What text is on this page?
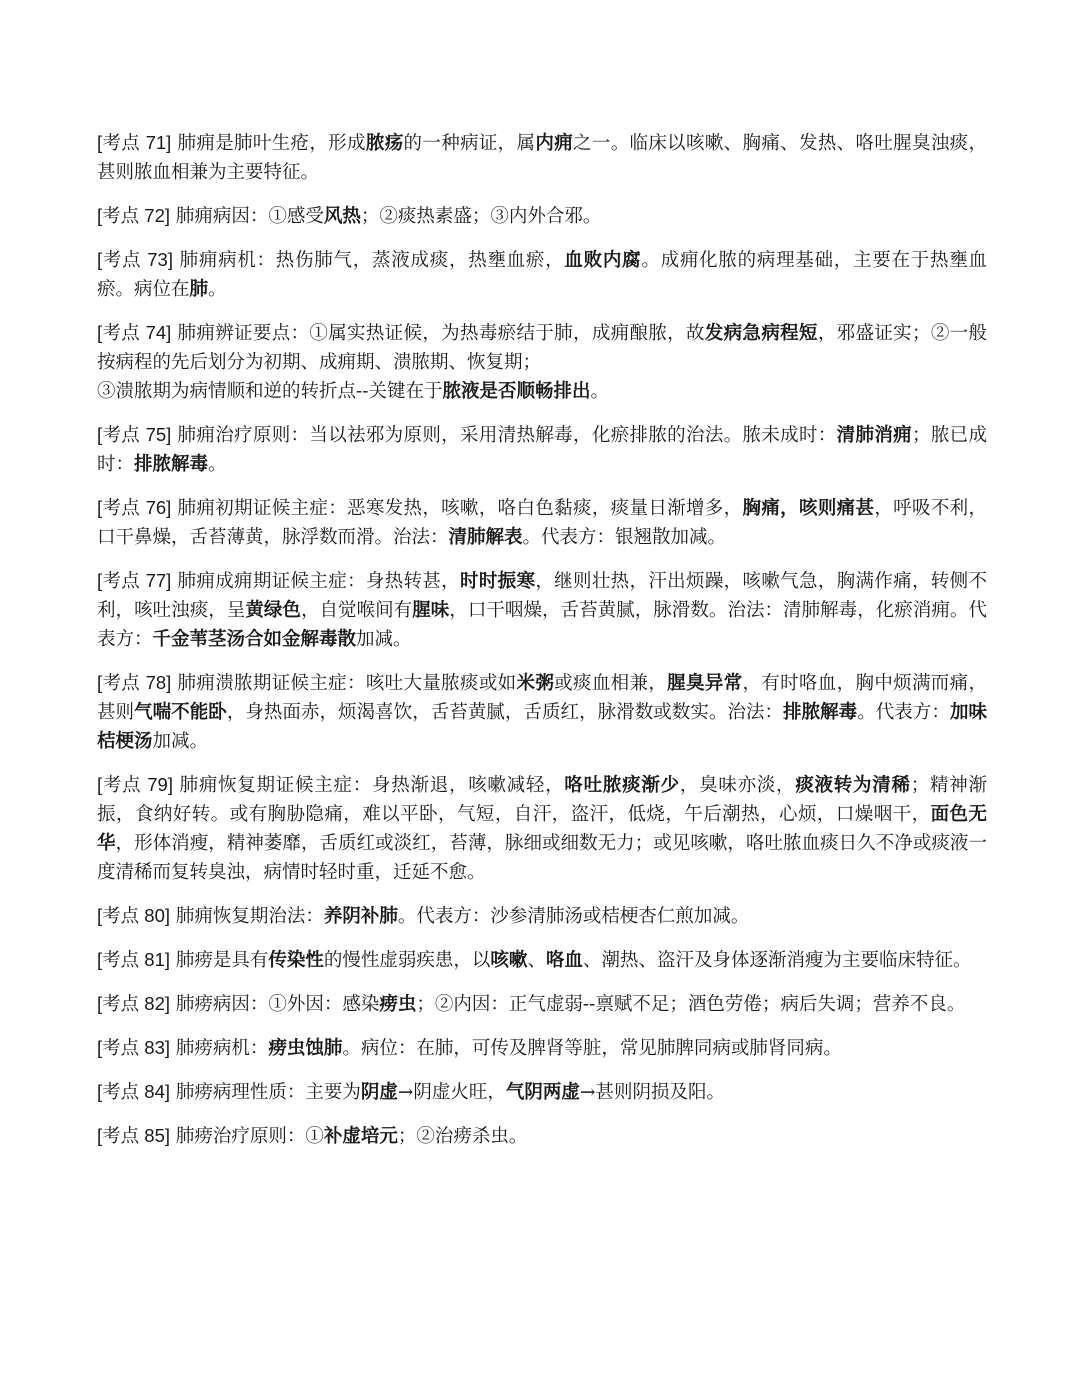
[考点 71] 肺痈是肺叶生疮，形成脓疡的一种病证，属内痈之一。临床以咳嗽、胸痛、发热、咯吐腥臭浊痰，甚则脓血相兼为主要特征。

[考点 72] 肺痈病因：①感受风热；②痰热素盛；③内外合邪。

[考点 73] 肺痈病机：热伤肺气，蒸液成痰，热壅血瘀，血败内腐。成痈化脓的病理基础，主要在于热壅血瘀。病位在肺。

[考点 74] 肺痈辨证要点：①属实热证候，为热毒瘀结于肺，成痈酿脓，故发病急病程短，邪盛证实；②一般按病程的先后划分为初期、成痈期、溃脓期、恢复期；
③溃脓期为病情顺和逆的转折点--关键在于脓液是否顺畅排出。

[考点 75] 肺痈治疗原则：当以祛邪为原则，采用清热解毒，化瘀排脓的治法。脓未成时：清肺消痈；脓已成时：排脓解毒。

[考点 76] 肺痈初期证候主症：恶寒发热，咳嗽，咯白色黏痰，痰量日渐增多，胸痛，咳则痛甚，呼吸不利，口干鼻燥，舌苔薄黄，脉浮数而滑。治法：清肺解表。代表方：银翘散加减。

[考点 77] 肺痈成痈期证候主症：身热转甚，时时振寒，继则壮热，汗出烦躁，咳嗽气急，胸满作痛，转侧不利，咳吐浊痰，呈黄绿色，自觉喉间有腥味，口干咽燥，舌苔黄腻，脉滑数。治法：清肺解毒，化瘀消痈。代表方：千金苇茎汤合如金解毒散加减。

[考点 78] 肺痈溃脓期证候主症：咳吐大量脓痰或如米粥或痰血相兼，腥臭异常，有时咯血，胸中烦满而痛，甚则气喘不能卧，身热面赤，烦渴喜饮，舌苔黄腻，舌质红，脉滑数或数实。治法：排脓解毒。代表方：加味桔梗汤加减。

[考点 79] 肺痈恢复期证候主症：身热渐退，咳嗽减轻，咯吐脓痰渐少，臭味亦淡，痰液转为清稀；精神渐振，食纳好转。或有胸胁隐痛，难以平卧，气短，自汗，盗汗，低烧，午后潮热，心烦，口燥咽干，面色无华，形体消瘦，精神萎靡，舌质红或淡红，苔薄，脉细或细数无力；或见咳嗽，咯吐脓血痰日久不净或痰液一度清稀而复转臭浊，病情时轻时重，迁延不愈。

[考点 80] 肺痈恢复期治法：养阴补肺。代表方：沙参清肺汤或桔梗杏仁煎加减。

[考点 81] 肺痨是具有传染性的慢性虚弱疾患，以咳嗽、咯血、潮热、盗汗及身体逐渐消瘦为主要临床特征。

[考点 82] 肺痨病因：①外因：感染痨虫；②内因：正气虚弱--禀赋不足；酒色劳倦；病后失调；营养不良。

[考点 83] 肺痨病机：痨虫蚀肺。病位：在肺，可传及脾肾等脏，常见肺脾同病或肺肾同病。

[考点 84] 肺痨病理性质：主要为阴虚→阴虚火旺，气阴两虚→甚则阴损及阳。

[考点 85] 肺痨治疗原则：①补虚培元；②治痨杀虫。
